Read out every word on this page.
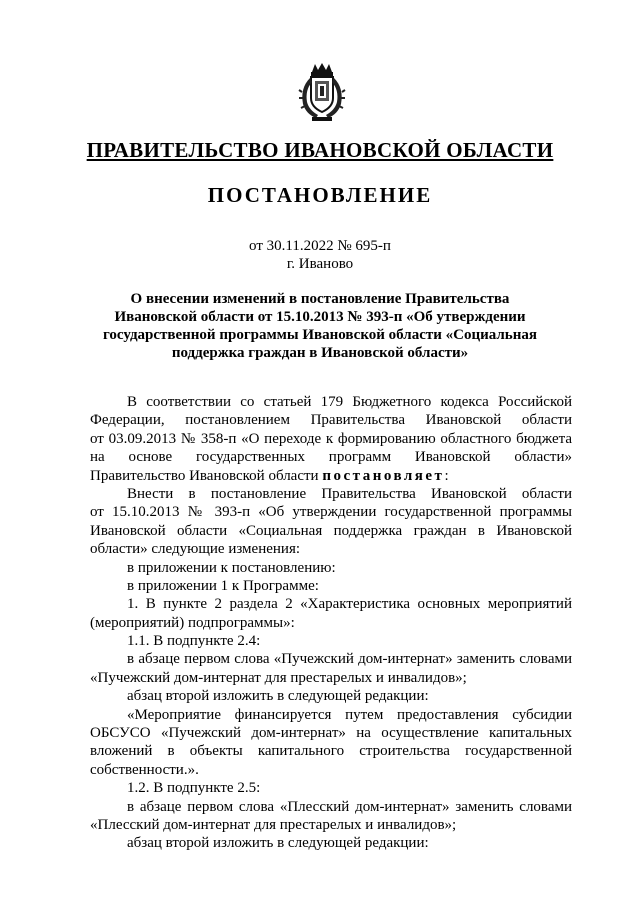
ПРАВИТЕЛЬСТВО ИВАНОВСКОЙ ОБЛАСТИ
ПОСТАНОВЛЕНИЕ
от 30.11.2022 № 695-п
г. Иваново
О внесении изменений в постановление Правительства
Ивановской области от 15.10.2013 № 393-п «Об утверждении
государственной программы Ивановской области «Социальная
поддержка граждан в Ивановской области»
В соответствии со статьей 179 Бюджетного кодекса Российской
Федерации, постановлением Правительства Ивановской области
от 03.09.2013 № 358-п «О переходе к формированию областного бюджета
на основе государственных программ Ивановской области»
Правительство Ивановской области постановляет:
Внести в постановление Правительства Ивановской области
от 15.10.2013 № 393-п «Об утверждении государственной программы
Ивановской области «Социальная поддержка граждан в Ивановской
области» следующие изменения:
в приложении к постановлению:
в приложении 1 к Программе:
1. В пункте 2 раздела 2 «Характеристика основных мероприятий
(мероприятий) подпрограммы»:
1.1. В подпункте 2.4:
в абзаце первом слова «Пучежский дом-интернат» заменить словами
«Пучежский дом-интернат для престарелых и инвалидов»;
абзац второй изложить в следующей редакции:
«Мероприятие финансируется путем предоставления субсидии
ОБСУСО «Пучежский дом-интернат» на осуществление капитальных
вложений в объекты капитального строительства государственной
собственности.».
1.2. В подпункте 2.5:
в абзаце первом слова «Плесский дом-интернат» заменить словами
«Плесский дом-интернат для престарелых и инвалидов»;
абзац второй изложить в следующей редакции:
